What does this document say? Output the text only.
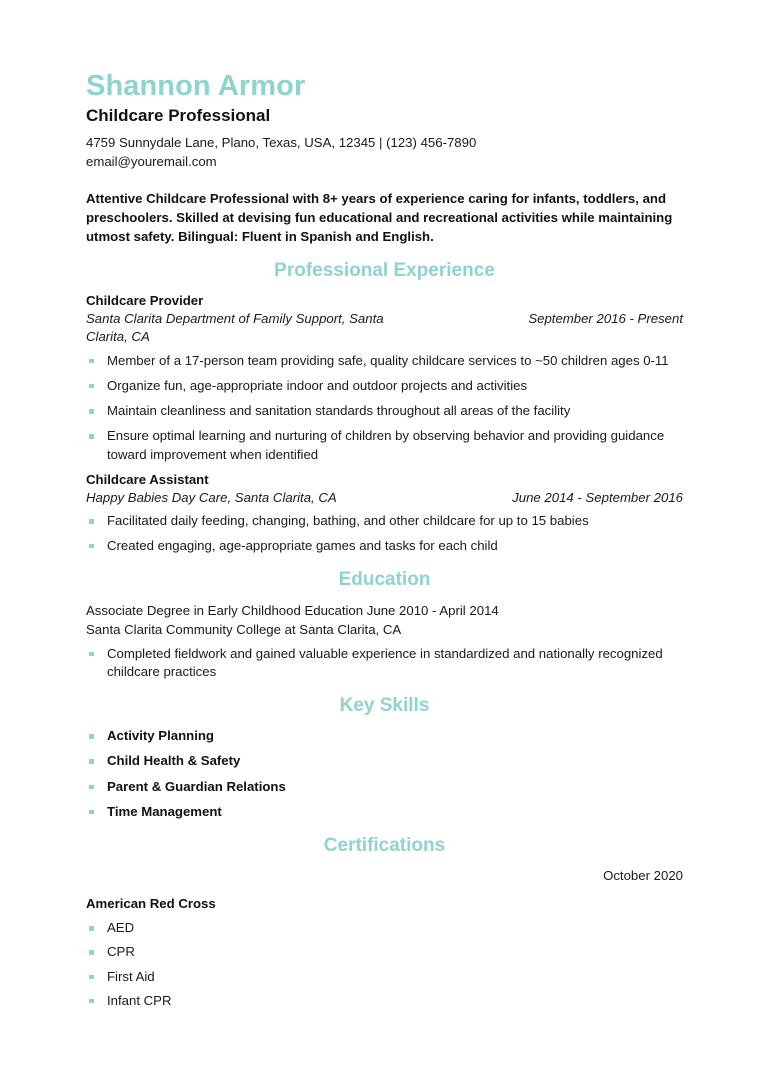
Shannon Armor
Childcare Professional
4759 Sunnydale Lane, Plano, Texas, USA, 12345 | (123) 456-7890
email@youremail.com
Attentive Childcare Professional with 8+ years of experience caring for infants, toddlers, and preschoolers. Skilled at devising fun educational and recreational activities while maintaining utmost safety. Bilingual: Fluent in Spanish and English.
Professional Experience
Childcare Provider
Santa Clarita Department of Family Support, Santa Clarita, CA
September 2016 - Present
Member of a 17-person team providing safe, quality childcare services to ~50 children ages 0-11
Organize fun, age-appropriate indoor and outdoor projects and activities
Maintain cleanliness and sanitation standards throughout all areas of the facility
Ensure optimal learning and nurturing of children by observing behavior and providing guidance toward improvement when identified
Childcare Assistant
Happy Babies Day Care, Santa Clarita, CA	June 2014 - September 2016
Facilitated daily feeding, changing, bathing, and other childcare for up to 15 babies
Created engaging, age-appropriate games and tasks for each child
Education
Associate Degree in Early Childhood Education June 2010 - April 2014
Santa Clarita Community College at Santa Clarita, CA
Completed fieldwork and gained valuable experience in standardized and nationally recognized childcare practices
Key Skills
Activity Planning
Child Health & Safety
Parent & Guardian Relations
Time Management
Certifications
October 2020
American Red Cross
AED
CPR
First Aid
Infant CPR
